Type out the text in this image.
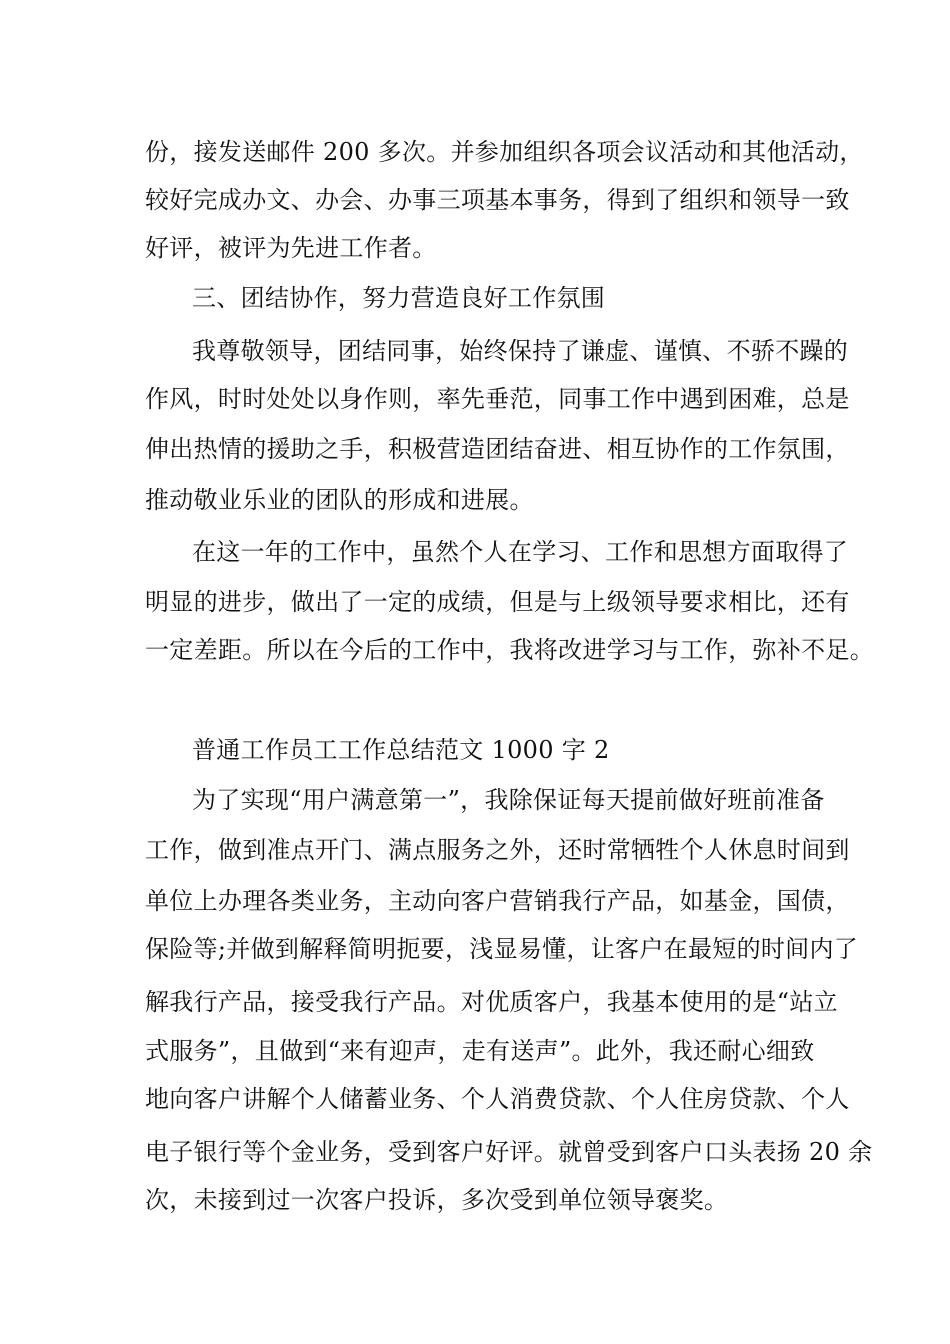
份，接发送邮件 200 多次。并参加组织各项会议活动和其他活动，
较好完成办文、办会、办事三项基本事务，得到了组织和领导一致
好评，被评为先进工作者。
三、团结协作，努力营造良好工作氛围
我尊敬领导，团结同事，始终保持了谦虚、谨慎、不骄不躁的
作风，时时处处以身作则，率先垂范，同事工作中遇到困难，总是
伸出热情的援助之手，积极营造团结奋进、相互协作的工作氛围，
推动敬业乐业的团队的形成和进展。
在这一年的工作中，虽然个人在学习、工作和思想方面取得了
明显的进步，做出了一定的成绩，但是与上级领导要求相比，还有
一定差距。所以在今后的工作中，我将改进学习与工作，弥补不足。
普通工作员工工作总结范文 1000 字 2
为了实现“用户满意第一”，我除保证每天提前做好班前准备
工作，做到准点开门、满点服务之外，还时常牺牲个人休息时间到
单位上办理各类业务，主动向客户营销我行产品，如基金，国债，
保险等;并做到解释简明扼要，浅显易懂，让客户在最短的时间内了
解我行产品，接受我行产品。对优质客户，我基本使用的是“站立
式服务”，且做到“来有迎声，走有送声”。此外，我还耐心细致
地向客户讲解个人储蓄业务、个人消费贷款、个人住房贷款、个人
电子银行等个金业务，受到客户好评。就曾受到客户口头表扬 20 余
次，未接到过一次客户投诉，多次受到单位领导褒奖。
